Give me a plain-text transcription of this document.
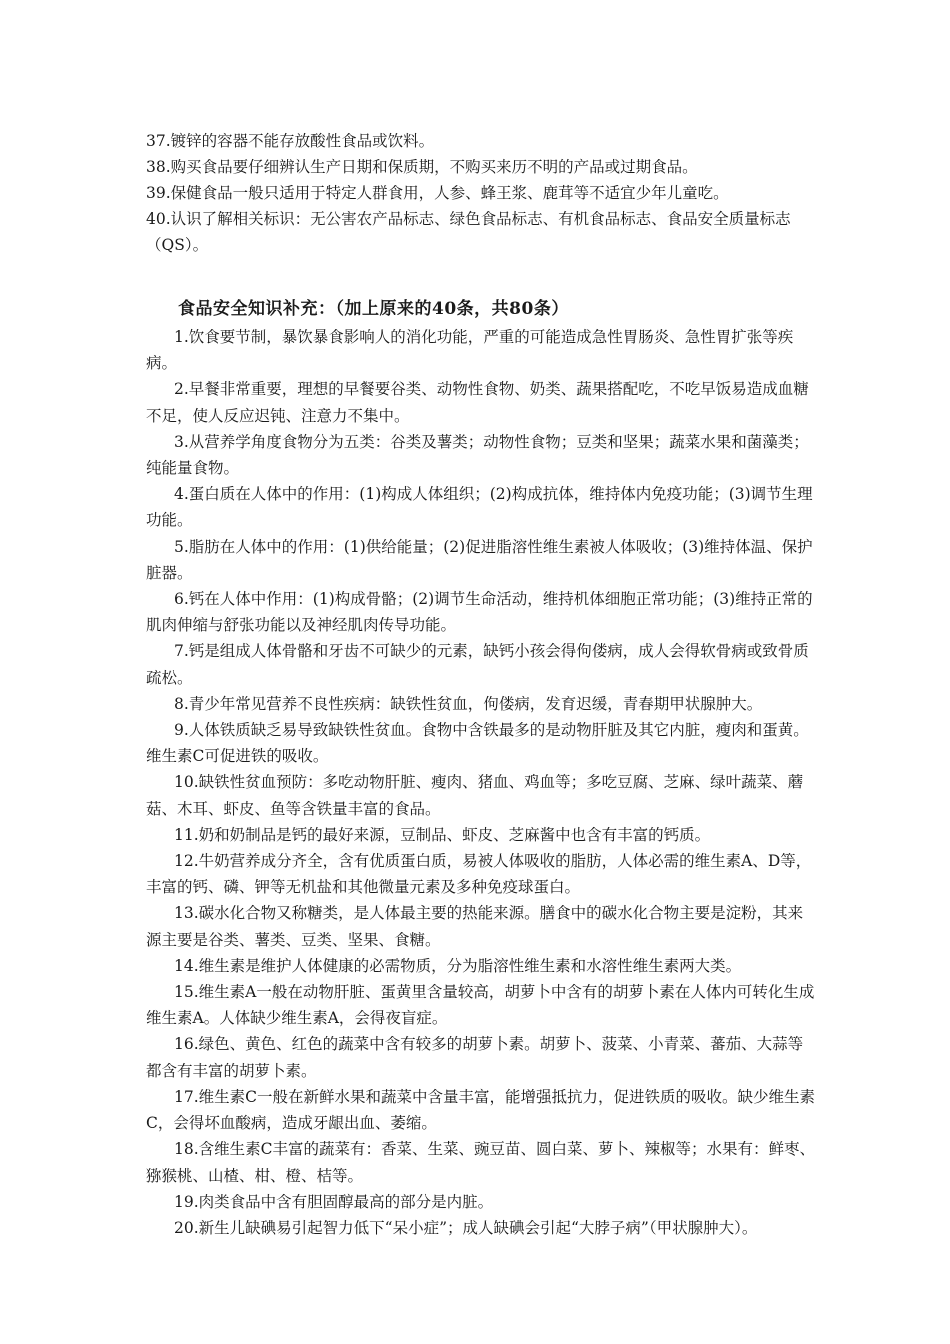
37.镀锌的容器不能存放酸性食品或饮料。

38.购买食品要仔细辨认生产日期和保质期，不购买来历不明的产品或过期食品。

39.保健食品一般只适用于特定人群食用，人参、蜂王浆、鹿茸等不适宜少年儿童吃。

40.认识了解相关标识：无公害农产品标志、绿色食品标志、有机食品标志、食品安全质量标志（QS）。

食品安全知识补充：（加上原来的40条，共80条）

1.饮食要节制，暴饮暴食影响人的消化功能，严重的可能造成急性胃肠炎、急性胃扩张等疾病。

2.早餐非常重要，理想的早餐要谷类、动物性食物、奶类、蔬果搭配吃，不吃早饭易造成血糖不足，使人反应迟钝、注意力不集中。

3.从营养学角度食物分为五类：谷类及薯类；动物性食物；豆类和坚果；蔬菜水果和菌藻类；纯能量食物。

4.蛋白质在人体中的作用：(1)构成人体组织；(2)构成抗体，维持体内免疫功能；(3)调节生理功能。

5.脂肪在人体中的作用：(1)供给能量；(2)促进脂溶性维生素被人体吸收；(3)维持体温、保护脏器。

6.钙在人体中作用：(1)构成骨骼；(2)调节生命活动，维持机体细胞正常功能；(3)维持正常的肌肉伸缩与舒张功能以及神经肌肉传导功能。

7.钙是组成人体骨骼和牙齿不可缺少的元素，缺钙小孩会得佝偻病，成人会得软骨病或致骨质疏松。

8.青少年常见营养不良性疾病：缺铁性贫血，佝偻病，发育迟缓，青春期甲状腺肿大。

9.人体铁质缺乏易导致缺铁性贫血。食物中含铁最多的是动物肝脏及其它内脏，瘦肉和蛋黄。维生素C可促进铁的吸收。

10.缺铁性贫血预防：多吃动物肝脏、瘦肉、猪血、鸡血等；多吃豆腐、芝麻、绿叶蔬菜、蘑菇、木耳、虾皮、鱼等含铁量丰富的食品。

11.奶和奶制品是钙的最好来源，豆制品、虾皮、芝麻酱中也含有丰富的钙质。

12.牛奶营养成分齐全，含有优质蛋白质，易被人体吸收的脂肪，人体必需的维生素A、D等，丰富的钙、磷、钾等无机盐和其他微量元素及多种免疫球蛋白。

13.碳水化合物又称糖类，是人体最主要的热能来源。膳食中的碳水化合物主要是淀粉，其来源主要是谷类、薯类、豆类、坚果、食糖。

14.维生素是维护人体健康的必需物质，分为脂溶性维生素和水溶性维生素两大类。

15.维生素A一般在动物肝脏、蛋黄里含量较高，胡萝卜中含有的胡萝卜素在人体内可转化生成维生素A。人体缺少维生素A，会得夜盲症。

16.绿色、黄色、红色的蔬菜中含有较多的胡萝卜素。胡萝卜、菠菜、小青菜、蕃茄、大蒜等都含有丰富的胡萝卜素。

17.维生素C一般在新鲜水果和蔬菜中含量丰富，能增强抵抗力，促进铁质的吸收。缺少维生素C，会得坏血酸病，造成牙龈出血、萎缩。

18.含维生素C丰富的蔬菜有：香菜、生菜、豌豆苗、圆白菜、萝卜、辣椒等；水果有：鲜枣、猕猴桃、山楂、柑、橙、桔等。

19.肉类食品中含有胆固醇最高的部分是内脏。

20.新生儿缺碘易引起智力低下“呆小症”；成人缺碘会引起“大脖子病”（甲状腺肿大）。
